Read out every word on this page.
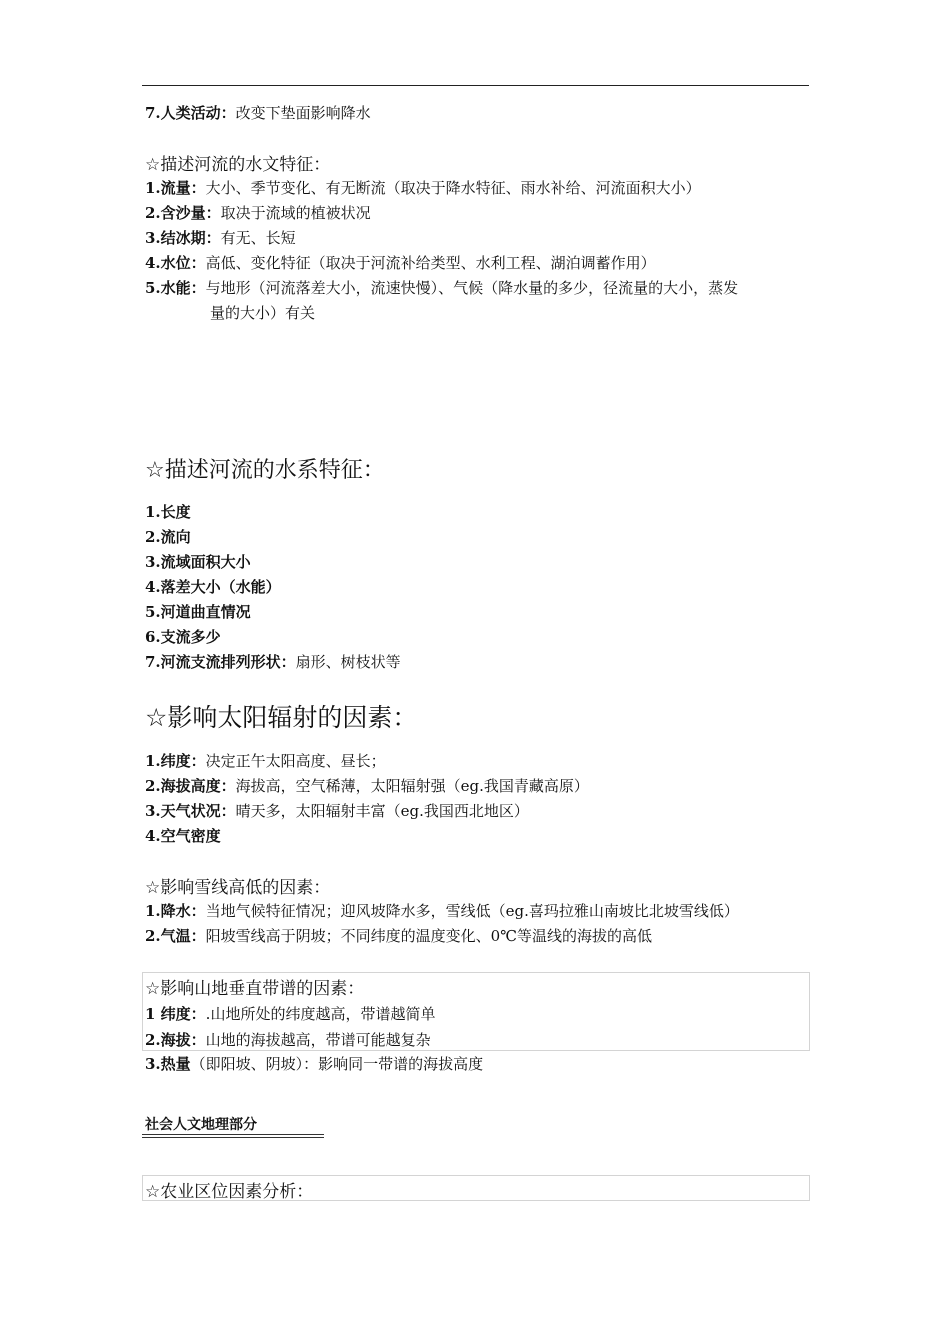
7.人类活动：改变下垫面影响降水
☆描述河流的水文特征：
1.流量：大小、季节变化、有无断流（取决于降水特征、雨水补给、河流面积大小）
2.含沙量：取决于流域的植被状况
3.结冰期：有无、长短
4.水位：高低、变化特征（取决于河流补给类型、水利工程、湖泊调蓄作用）
5.水能：与地形（河流落差大小，流速快慢）、气候（降水量的多少，径流量的大小，蒸发
量的大小）有关
☆描述河流的水系特征：
1.长度
2.流向
3.流域面积大小
4.落差大小（水能）
5.河道曲直情况
6.支流多少
7.河流支流排列形状：扇形、树枝状等
☆影响太阳辐射的因素：
1.纬度：决定正午太阳高度、昼长；
2.海拔高度：海拔高，空气稀薄，太阳辐射强（eg.我国青藏高原）
3.天气状况：晴天多，太阳辐射丰富（eg.我国西北地区）
4.空气密度
☆影响雪线高低的因素：
1.降水：当地气候特征情况；迎风坡降水多，雪线低（eg.喜玛拉雅山南坡比北坡雪线低）
2.气温：阳坡雪线高于阴坡；不同纬度的温度变化、0℃等温线的海拔的高低
☆影响山地垂直带谱的因素：
1 纬度：.山地所处的纬度越高，带谱越简单
2.海拔：山地的海拔越高，带谱可能越复杂
3.热量（即阳坡、阴坡）：影响同一带谱的海拔高度
社会人文地理部分
☆农业区位因素分析：
